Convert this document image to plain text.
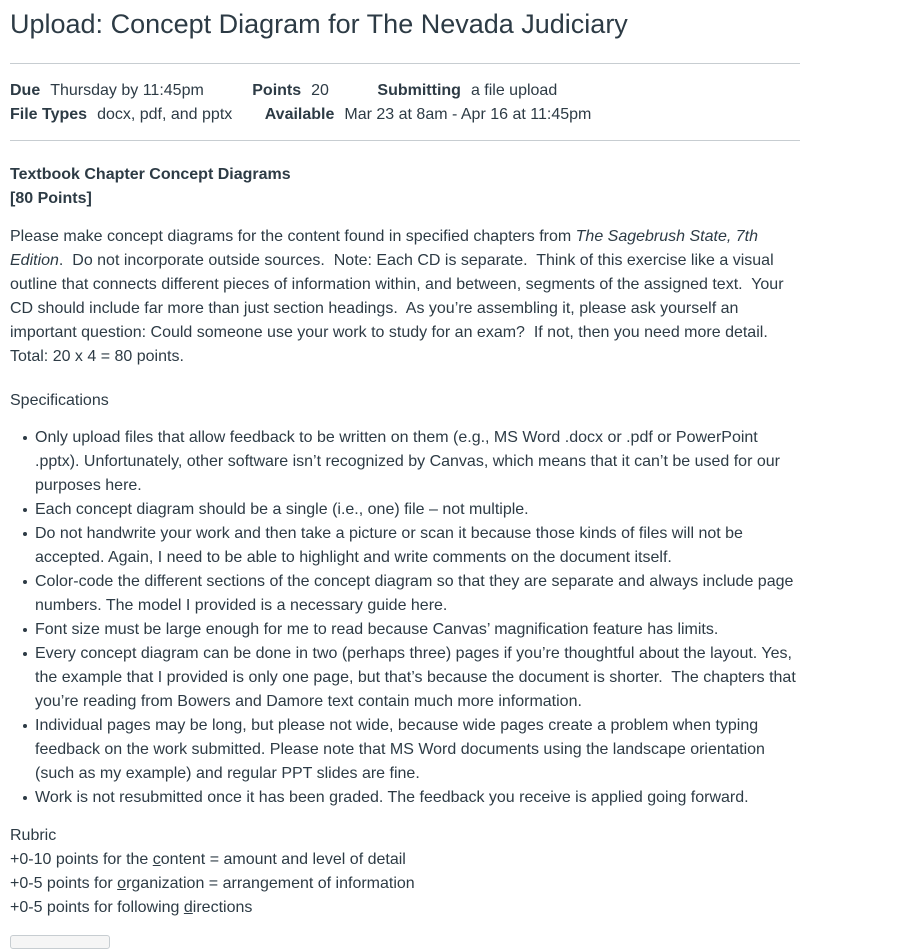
Upload: Concept Diagram for The Nevada Judiciary
Due Thursday by 11:45pm	Points 20	Submitting a file upload
File Types docx, pdf, and pptx Available Mar 23 at 8am - Apr 16 at 11:45pm
Textbook Chapter Concept Diagrams
[80 Points]

Please make concept diagrams for the content found in specified chapters from The Sagebrush State, 7th Edition.  Do not incorporate outside sources.  Note: Each CD is separate.  Think of this exercise like a visual outline that connects different pieces of information within, and between, segments of the assigned text.  Your CD should include far more than just section headings.  As you’re assembling it, please ask yourself an important question: Could someone use your work to study for an exam?  If not, then you need more detail.  Total: 20 x 4 = 80 points.

Specifications
Only upload files that allow feedback to be written on them (e.g., MS Word .docx or .pdf or PowerPoint .pptx). Unfortunately, other software isn’t recognized by Canvas, which means that it can’t be used for our purposes here.
Each concept diagram should be a single (i.e., one) file – not multiple.
Do not handwrite your work and then take a picture or scan it because those kinds of files will not be accepted. Again, I need to be able to highlight and write comments on the document itself.
Color-code the different sections of the concept diagram so that they are separate and always include page numbers. The model I provided is a necessary guide here.
Font size must be large enough for me to read because Canvas’ magnification feature has limits.
Every concept diagram can be done in two (perhaps three) pages if you’re thoughtful about the layout. Yes, the example that I provided is only one page, but that’s because the document is shorter.  The chapters that you’re reading from Bowers and Damore text contain much more information.
Individual pages may be long, but please not wide, because wide pages create a problem when typing feedback on the work submitted. Please note that MS Word documents using the landscape orientation (such as my example) and regular PPT slides are fine.
Work is not resubmitted once it has been graded. The feedback you receive is applied going forward.
Rubric
+0-10 points for the content = amount and level of detail
+0-5 points for organization = arrangement of information
+0-5 points for following directions
